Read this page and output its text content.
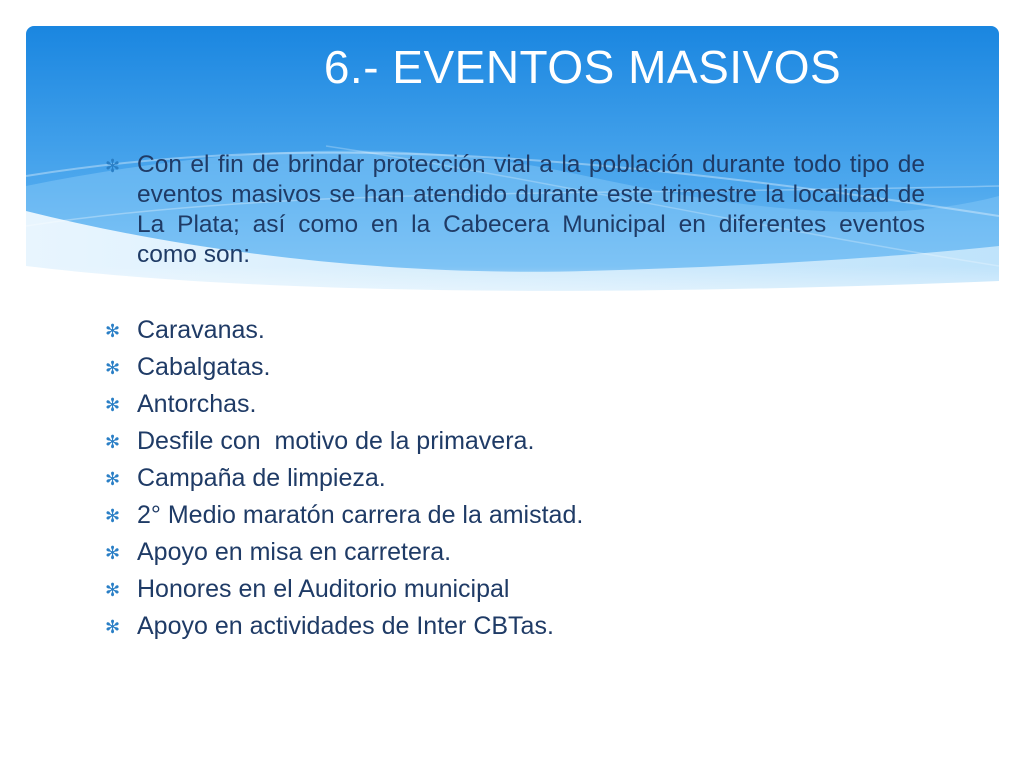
6.- EVENTOS MASIVOS
✻ Con el fin de brindar protección vial a la población durante todo tipo de eventos masivos se han atendido durante este trimestre la localidad de La Plata; así como en la Cabecera Municipal en diferentes eventos como son:
✻ Caravanas.
✻ Cabalgatas.
✻ Antorchas.
✻ Desfile con  motivo de la primavera.
✻ Campaña de limpieza.
✻ 2° Medio maratón carrera de la amistad.
✻ Apoyo en misa en carretera.
✻ Honores en el Auditorio municipal
✻ Apoyo en actividades de Inter CBTas.
